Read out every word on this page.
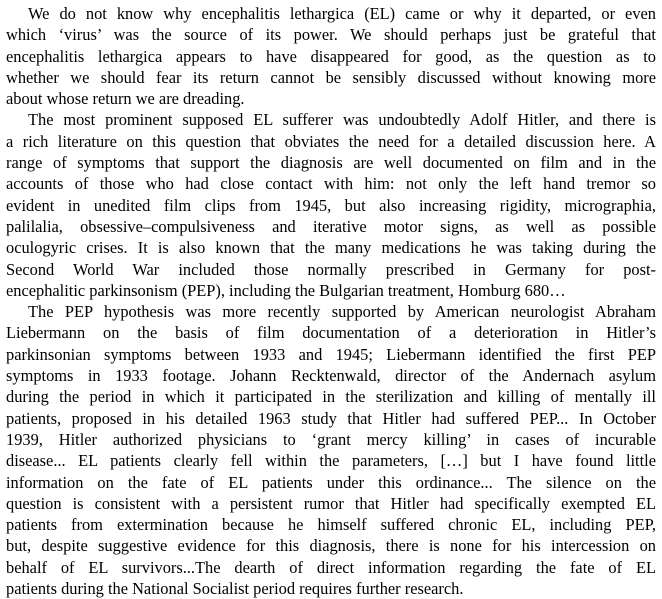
We do not know why encephalitis lethargica (EL) came or why it departed, or even
which ‘virus’ was the source of its power. We should perhaps just be grateful that
encephalitis lethargica appears to have disappeared for good, as the question as to
whether we should fear its return cannot be sensibly discussed without knowing more
about whose return we are dreading.
The most prominent supposed EL sufferer was undoubtedly Adolf Hitler, and there is
a rich literature on this question that obviates the need for a detailed discussion here. A
range of symptoms that support the diagnosis are well documented on film and in the
accounts of those who had close contact with him: not only the left hand tremor so
evident in unedited film clips from 1945, but also increasing rigidity, micrographia,
palilalia, obsessive–compulsiveness and iterative motor signs, as well as possible
oculogyric crises. It is also known that the many medications he was taking during the
Second World War included those normally prescribed in Germany for post-
encephalitic parkinsonism (PEP), including the Bulgarian treatment, Homburg 680…
The PEP hypothesis was more recently supported by American neurologist Abraham
Liebermann on the basis of film documentation of a deterioration in Hitler’s
parkinsonian symptoms between 1933 and 1945; Liebermann identified the first PEP
symptoms in 1933 footage. Johann Recktenwald, director of the Andernach asylum
during the period in which it participated in the sterilization and killing of mentally ill
patients, proposed in his detailed 1963 study that Hitler had suffered PEP... In October
1939, Hitler authorized physicians to ‘grant mercy killing’ in cases of incurable
disease... EL patients clearly fell within the parameters, […] but I have found little
information on the fate of EL patients under this ordinance... The silence on the
question is consistent with a persistent rumor that Hitler had specifically exempted EL
patients from extermination because he himself suffered chronic EL, including PEP,
but, despite suggestive evidence for this diagnosis, there is none for his intercession on
behalf of EL survivors...The dearth of direct information regarding the fate of EL
patients during the National Socialist period requires further research.
